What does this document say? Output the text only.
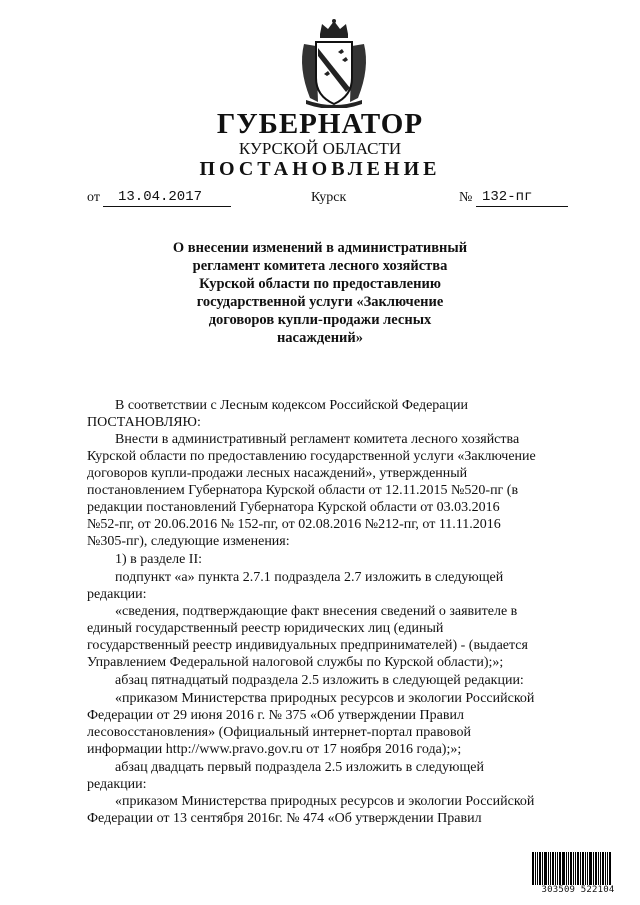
ГУБЕРНАТОР
КУРСКОЙ ОБЛАСТИ
ПОСТАНОВЛЕНИЕ
от 13.04.2017	Курск	№ 132-пг
О внесении изменений в административный
регламент комитета лесного хозяйства
Курской области по предоставлению
государственной услуги «Заключение
договоров купли-продажи лесных
насаждений»
В соответствии с Лесным кодексом Российской Федерации
ПОСТАНОВЛЯЮ:
Внести в административный регламент комитета лесного хозяйства
Курской области по предоставлению государственной услуги «Заключение
договоров купли-продажи лесных насаждений», утвержденный
постановлением Губернатора Курской области от 12.11.2015 №520-пг (в
редакции постановлений Губернатора Курской области от 03.03.2016
№52-пг, от 20.06.2016 № 152-пг, от 02.08.2016 №212-пг, от 11.11.2016
№305-пг), следующие изменения:
1) в разделе II:
подпункт «а» пункта 2.7.1 подраздела 2.7 изложить в следующей
редакции:
«сведения, подтверждающие факт внесения сведений о заявителе в
единый государственный реестр юридических лиц (единый
государственный реестр индивидуальных предпринимателей) - (выдается
Управлением Федеральной налоговой службы по Курской области);»;
абзац пятнадцатый подраздела 2.5 изложить в следующей редакции:
«приказом Министерства природных ресурсов и экологии Российской
Федерации от 29 июня 2016 г. № 375 «Об утверждении Правил
лесовосстановления» (Официальный интернет-портал правовой
информации http://www.pravo.gov.ru от 17 ноября 2016 года);»;
абзац двадцать первый подраздела 2.5 изложить в следующей
редакции:
«приказом Министерства природных ресурсов и экологии Российской
Федерации от 13 сентября 2016г. № 474 «Об утверждении Правил
303509 522104
